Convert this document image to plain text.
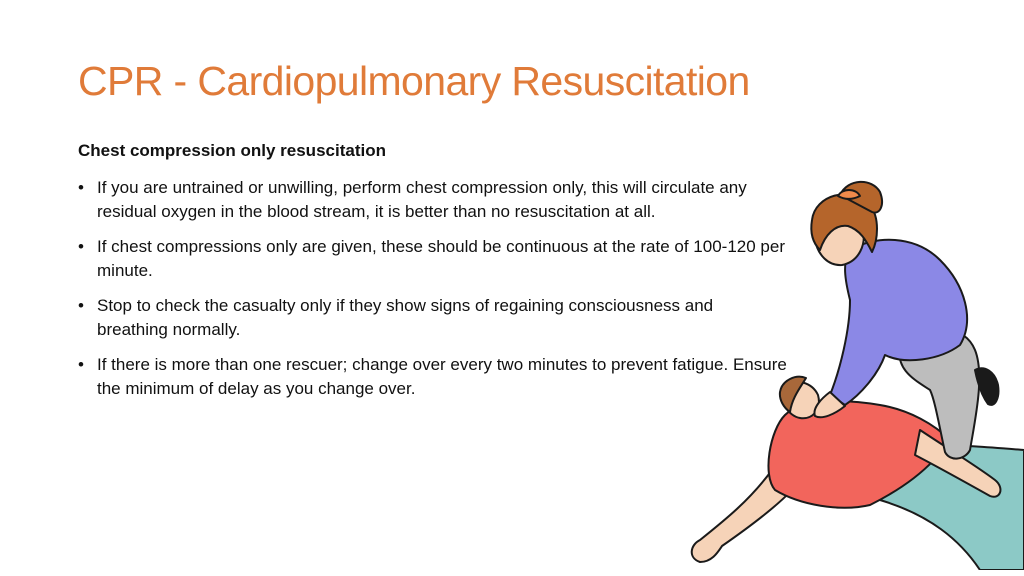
CPR - Cardiopulmonary Resuscitation

Chest compression only resuscitation

• If you are untrained or unwilling, perform chest compression only, this will circulate any residual oxygen in the blood stream, it is better than no resuscitation at all.
• If chest compressions only are given, these should be continuous at the rate of 100-120 per minute.
• Stop to check the casualty only if they show signs of regaining consciousness and breathing normally.
• If there is more than one rescuer; change over every two minutes to prevent fatigue. Ensure the minimum of delay as you change over.
